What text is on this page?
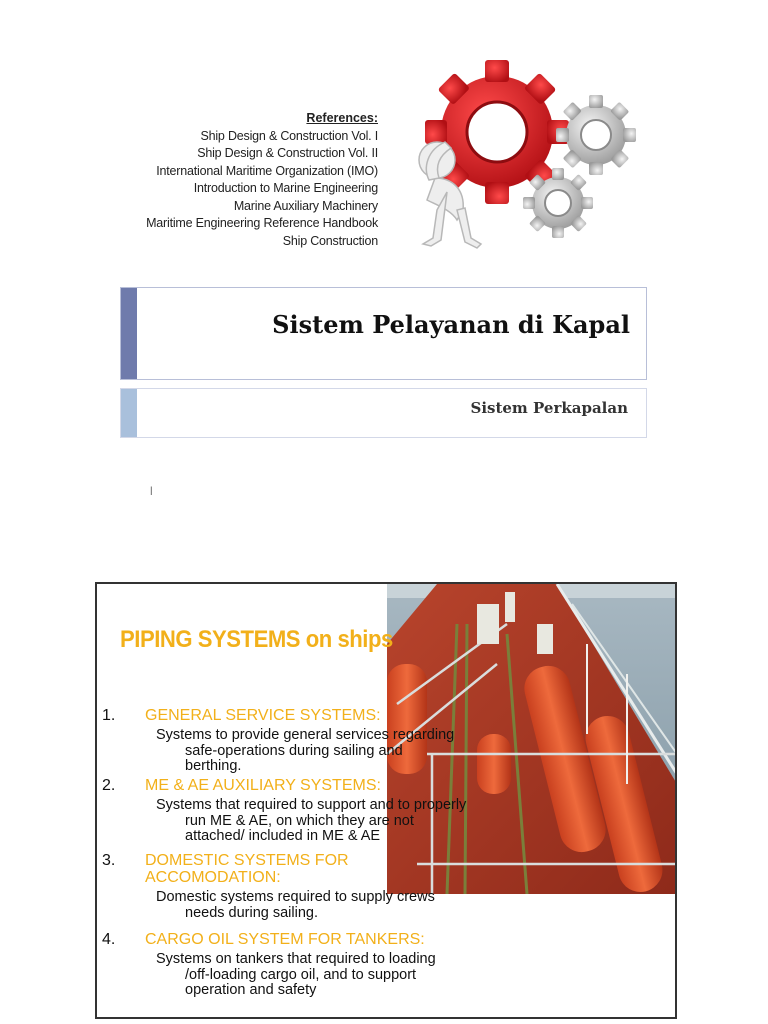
References:
Ship Design & Construction Vol. I
Ship Design & Construction Vol. II
International Maritime Organization (IMO)
Introduction to Marine Engineering
Marine Auxiliary Machinery
Maritime Engineering Reference Handbook
Ship Construction
Sistem Pelayanan di Kapal
Sistem Perkapalan
l
PIPING SYSTEMS on ships
1. GENERAL SERVICE SYSTEMS:
Systems to provide general services regarding
safe-operations during sailing and
berthing.
2. ME & AE AUXILIARY SYSTEMS:
Systems that required to support and to properly
run ME & AE, on which they are not
attached/ included in ME & AE
3. DOMESTIC SYSTEMS FOR
ACCOMODATION:
Domestic systems required to supply crews
needs during sailing.
4. CARGO OIL SYSTEM FOR TANKERS:
Systems on tankers that required to loading
/off-loading cargo oil, and to support
operation and safety
